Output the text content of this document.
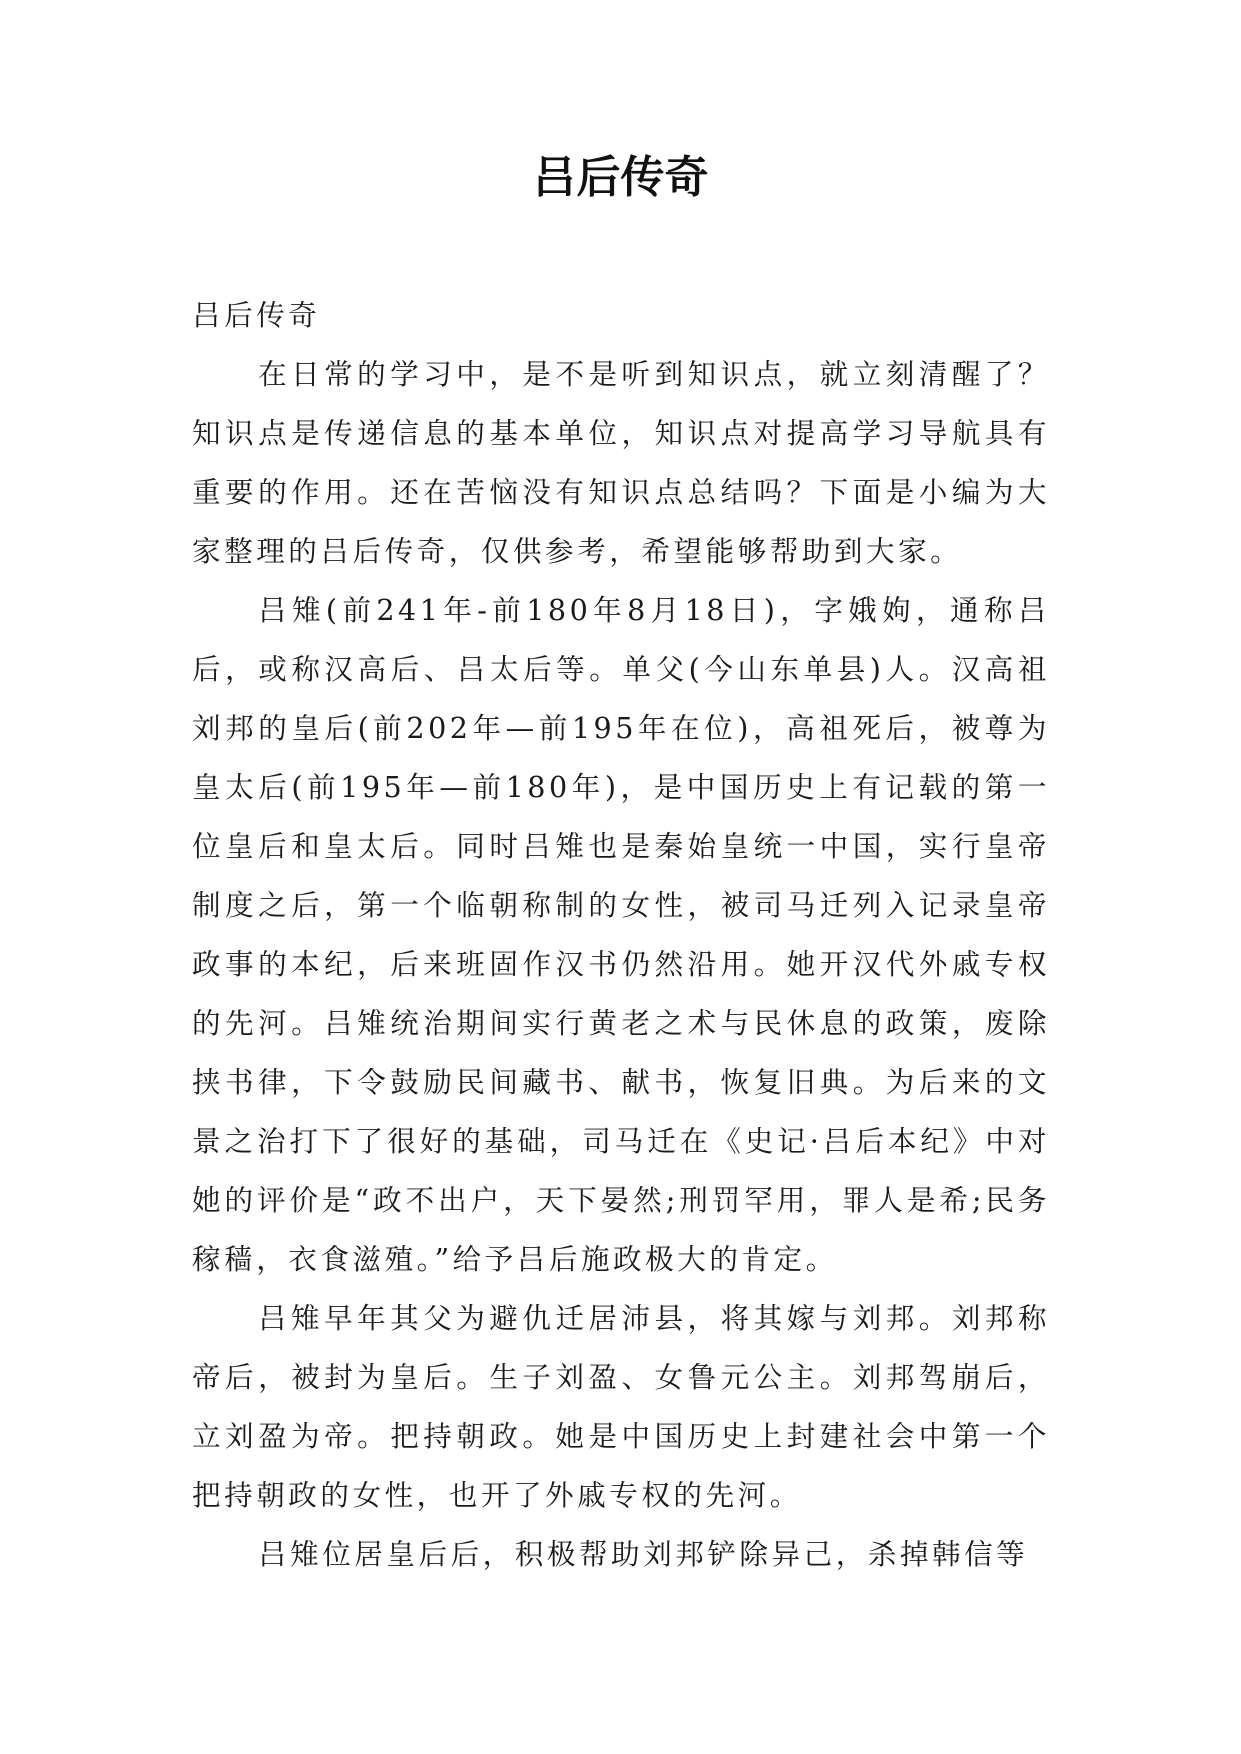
吕后传奇

吕后传奇

在日常的学习中，是不是听到知识点，就立刻清醒了？知识点是传递信息的基本单位，知识点对提高学习导航具有重要的作用。还在苦恼没有知识点总结吗？下面是小编为大家整理的吕后传奇，仅供参考，希望能够帮助到大家。

吕雉(前241年-前180年8月18日)，字娥姁，通称吕后，或称汉高后、吕太后等。单父(今山东单县)人。汉高祖刘邦的皇后(前202年—前195年在位)，高祖死后，被尊为皇太后(前195年—前180年)，是中国历史上有记载的第一位皇后和皇太后。同时吕雉也是秦始皇统一中国，实行皇帝制度之后，第一个临朝称制的女性，被司马迁列入记录皇帝政事的本纪，后来班固作汉书仍然沿用。她开汉代外戚专权的先河。吕雉统治期间实行黄老之术与民休息的政策，废除挟书律，下令鼓励民间藏书、献书，恢复旧典。为后来的文景之治打下了很好的基础，司马迁在《史记·吕后本纪》中对她的评价是“政不出户，天下晏然;刑罚罕用，罪人是希;民务稼穑，衣食滋殖。”给予吕后施政极大的肯定。

吕雉早年其父为避仇迁居沛县，将其嫁与刘邦。刘邦称帝后，被封为皇后。生子刘盈、女鲁元公主。刘邦驾崩后，立刘盈为帝。把持朝政。她是中国历史上封建社会中第一个把持朝政的女性，也开了外戚专权的先河。

吕雉位居皇后后，积极帮助刘邦铲除异己，杀掉韩信等
